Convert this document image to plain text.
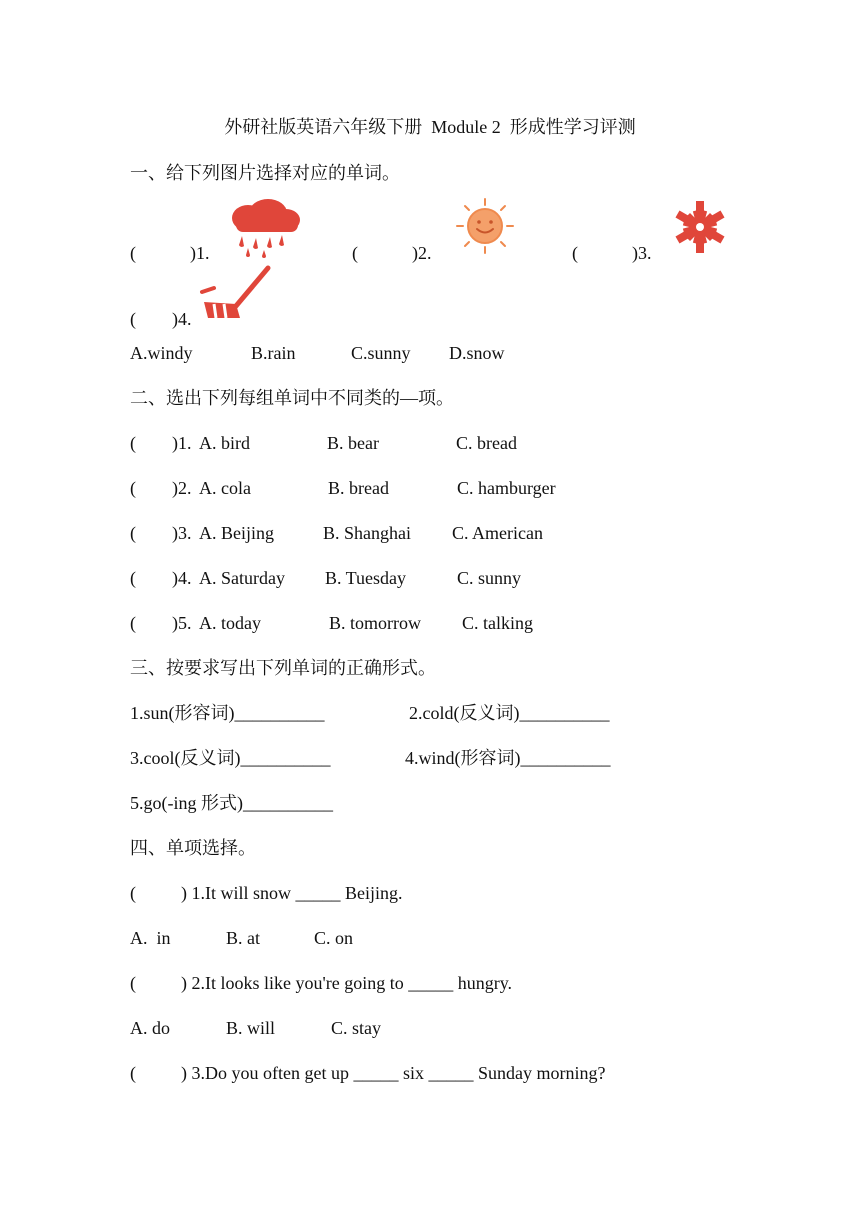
外研社版英语六年级下册  Module 2  形成性学习评测
一、给下列图片选择对应的单词。
(            )1.	(            )2.	(            )3.
(        )4.
A.windy	B.rain	C.sunny D.snow
二、选出下列每组单词中不同类的—项。
(        )1. A. bird	B. bear	C. bread
(        )2. A. cola	B. bread	C. hamburger
(        )3. A. Beijing	B. Shanghai C. American
(        )4. A. Saturday B. Tuesday	C. sunny
(        )5. A. today	B. tomorrow C. talking
三、按要求写出下列单词的正确形式。
1.sun(形容词)__________	2.cold(反义词)__________
3.cool(反义词)__________	4.wind(形容词)__________
5.go(-ing 形式)__________
四、单项选择。
(          ) 1.It will snow _____ Beijing.
A.  in	B. at	C. on
(          ) 2.It looks like you're going to _____ hungry.
A. do	B. will	C. stay
(          ) 3.Do you often get up _____ six _____ Sunday morning?
